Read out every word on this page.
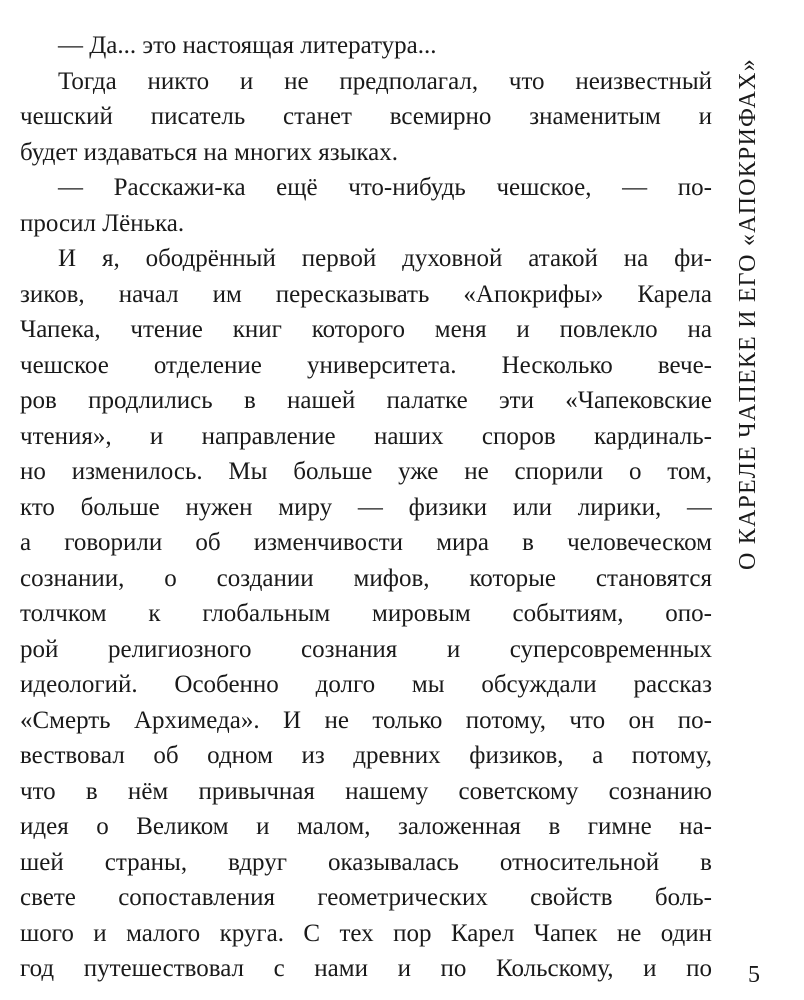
— Да... это настоящая литература...
Тогда никто и не предполагал, что неизвестный
чешский писатель станет всемирно знаменитым и
будет издаваться на многих языках.
— Расскажи-ка ещё что-нибудь чешское, — по-
просил Лёнька.
И я, ободрённый первой духовной атакой на фи-
зиков, начал им пересказывать «Апокрифы» Карела
Чапека, чтение книг которого меня и повлекло на
чешское отделение университета. Несколько вече-
ров продлились в нашей палатке эти «Чапековские
чтения», и направление наших споров кардиналь-
но изменилось. Мы больше уже не спорили о том,
кто больше нужен миру — физики или лирики, —
а говорили об изменчивости мира в человеческом
сознании, о создании мифов, которые становятся
толчком к глобальным мировым событиям, опо-
рой религиозного сознания и суперсовременных
идеологий. Особенно долго мы обсуждали рассказ
«Смерть Архимеда». И не только потому, что он по-
вествовал об одном из древних физиков, а потому,
что в нём привычная нашему советскому сознанию
идея о Великом и малом, заложенная в гимне на-
шей страны, вдруг оказывалась относительной в
свете сопоставления геометрических свойств боль-
шого и малого круга. С тех пор Карел Чапек не один
год путешествовал с нами и по Кольскому, и по
О КАРЕЛЕ ЧАПЕКЕ И ЕГО «АПОКРИФАХ»
5
